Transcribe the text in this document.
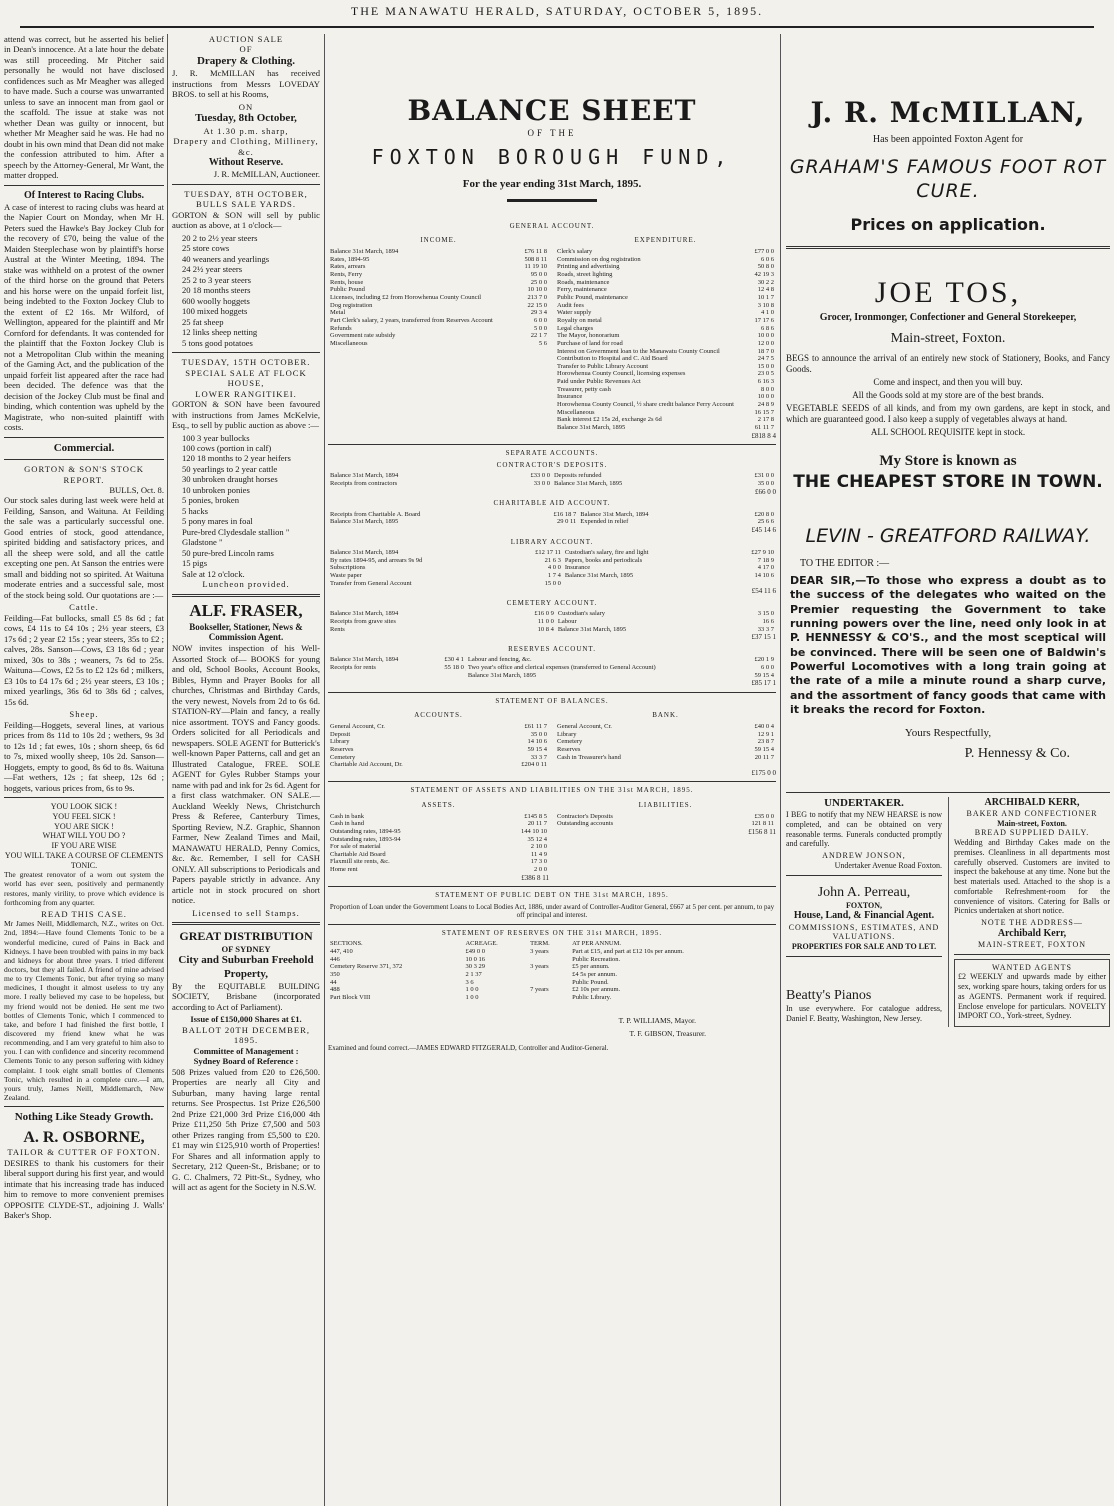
THE MANAWATU HERALD, SATURDAY, OCTOBER 5, 1895.

attend was correct, but he asserted his belief in Dean's innocence. At a late hour the debate was still proceeding. Mr Pitcher said personally he would not have disclosed confidences such as Mr Meagher was alleged to have made. Such a course was unwarranted unless to save an innocent man from gaol or the scaffold. The issue at stake was not whether Dean was guilty or innocent, but whether Mr Meagher said he was. He had no doubt in his own mind that Dean did not make the confession attributed to him. After a speech by the Attorney-General, Mr Want, the matter dropped.

Of Interest to Racing Clubs.

A case of interest to racing clubs was heard at the Napier Court on Monday, when Mr H. Peters sued the Hawke's Bay Jockey Club for the recovery of £70, being the value of the Maiden Steeplechase won by plaintiff's horse Austral at the Winter Meeting, 1894. The stake was withheld on a protest of the owner of the third horse on the ground that Peters and his horse were on the unpaid forfeit list, being indebted to the Foxton Jockey Club to the extent of £2 16s. Mr Wilford, of Wellington, appeared for the plaintiff and Mr Cornford for defendants. It was contended for the plaintiff that the Foxton Jockey Club is not a Metropolitan Club within the meaning of the Gaming Act, and the publication of the unpaid forfeit list appeared after the race had been decided. The defence was that the decision of the Jockey Club must be final and binding, which contention was upheld by the Magistrate, who non-suited plaintiff with costs.

Commercial.
GORTON & SON'S STOCK REPORT.
BULLS, Oct. 8.

Our stock sales during last week were held at Feilding, Sanson, and Waituna. At Feilding the sale was a particularly successful one. Good entries of stock, good attendance, spirited bidding and satisfactory prices, and all the sheep were sold, and all the cattle excepting one pen. At Sanson the entries were small and bidding not so spirited. At Waituna moderate entries and a successful sale, most of the stock being sold. Our quotations are :—

Cattle.

Feilding—Fat bullocks, small £5 8s 6d ; fat cows, £4 11s to £4 10s ; 2½ year steers, £3 17s 6d ; 2 year £2 15s ; year steers, 35s to £2 ; calves, 28s. Sanson—Cows, £3 18s 6d ; year mixed, 30s to 38s ; weaners, 7s 6d to 25s. Waituna—Cows, £2 5s to £2 12s 6d ; milkers, £3 10s to £4 17s 6d ; 2½ year steers, £3 10s ; mixed yearlings, 36s 6d to 38s 6d ; calves, 15s 6d.

Sheep.

Feilding—Hoggets, several lines, at various prices from 8s 11d to 10s 2d ; wethers, 9s 3d to 12s 1d ; fat ewes, 10s ; shorn sheep, 6s 6d to 7s, mixed woolly sheep, 10s 2d. Sanson—Hoggets, empty to good, 8s 6d to 8s. Waituna—Fat wethers, 12s ; fat sheep, 12s 6d ; hoggets, various prices from, 6s to 9s.

YOU LOOK SICK !
YOU FEEL SICK !
YOU ARE SICK !
WHAT WILL YOU DO ?
IF YOU ARE WISE
YOU WILL TAKE A COURSE OF CLEMENTS TONIC.

The greatest renovator of a worn out system the world has ever seen, positively and permanently restores, manly virility, to prove which evidence is forthcoming from any quarter.

READ THIS CASE.

Mr James Neill, Middlemarch, N.Z., writes on Oct. 2nd, 1894:—Have found Clements Tonic to be a wonderful medicine, cured of Pains in Back and Kidneys. I have been troubled with pains in my back and kidneys for about three years. I tried different doctors, but they all failed. A friend of mine advised me to try Clements Tonic, but after trying so many medicines, I thought it almost useless to try any more. I really believed my case to be hopeless, but my friend would not be denied. He sent me two bottles of Clements Tonic, which I commenced to take, and before I had finished the first bottle, I discovered my friend knew what he was recommending, and I am very grateful to him also to you. I can with confidence and sincerity recommend Clements Tonic to any person suffering with kidney complaint. I took eight small bottles of Clements Tonic, which resulted in a complete cure.—I am, yours truly, James Neill, Middlemarch, New Zealand.

Nothing Like Steady Growth.
A. R. OSBORNE,
TAILOR & CUTTER OF FOXTON.

DESIRES to thank his customers for their liberal support during his first year, and would intimate that his increasing trade has induced him to remove to more convenient premises OPPOSITE CLYDE-ST., adjoining J. Walls' Baker's Shop.

AUCTION SALE
OF
Drapery & Clothing.

J. R. McMILLAN has received instructions from Messrs LOVEDAY BROS. to sell at his Rooms,

ON
Tuesday, 8th October,
At 1.30 p.m. sharp,
Drapery and Clothing, Millinery, &c.
Without Reserve.
J. R. McMILLAN, Auctioneer.
TUESDAY, 8TH OCTOBER,
BULLS SALE YARDS.

GORTON & SON will sell by public auction as above, at 1 o'clock—

20 2 to 2½ year steers
25 store cows
40 weaners and yearlings
24 2½ year steers
25 2 to 3 year steers
20 18 months steers
600 woolly hoggets
100 mixed hoggets
25 fat sheep
12 links sheep netting
5 tons good potatoes
TUESDAY, 15TH OCTOBER.
SPECIAL SALE AT FLOCK HOUSE,
LOWER RANGITIKEI.

GORTON & SON have been favoured with instructions from James McKelvie, Esq., to sell by public auction as above :—

100 3 year bullocks
100 cows (portion in calf)
120 18 months to 2 year heifers
50 yearlings to 2 year cattle
30 unbroken draught horses
10 unbroken ponies
5 ponies, broken
5 hacks
5 pony mares in foal
Pure-bred Clydesdale stallion " Gladstone "
50 pure-bred Lincoln rams
15 pigs
Sale at 12 o'clock.
Luncheon provided.
ALF. FRASER,
Bookseller, Stationer, News & Commission Agent.

NOW invites inspection of his Well-Assorted Stock of— BOOKS for young and old, School Books, Account Books, Bibles, Hymn and Prayer Books for all churches, Christmas and Birthday Cards, the very newest, Novels from 2d to 6s 6d. STATION-RY—Plain and fancy, a really nice assortment. TOYS and Fancy goods. Orders solicited for all Periodicals and newspapers. SOLE AGENT for Butterick's well-known Paper Patterns, call and get an Illustrated Catalogue, FREE. SOLE AGENT for Gyles Rubber Stamps your name with pad and ink for 2s 6d. Agent for a first class watchmaker. ON SALE.—Auckland Weekly News, Christchurch Press & Referee, Canterbury Times, Sporting Review, N.Z. Graphic, Shannon Farmer, New Zealand Times and Mail, MANAWATU HERALD, Penny Comics, &c. &c. Remember, I sell for CASH ONLY. All subscriptions to Periodicals and Papers payable strictly in advance. Any article not in stock procured on short notice.

Licensed to sell Stamps.
GREAT DISTRIBUTION
OF SYDNEY
City and Suburban Freehold Property,

By the EQUITABLE BUILDING SOCIETY, Brisbane (incorporated according to Act of Parliament).

Issue of £150,000 Shares at £1.
BALLOT 20TH DECEMBER, 1895.
Committee of Management :
Sydney Board of Reference :

508 Prizes valued from £20 to £26,500. Properties are nearly all City and Suburban, many having large rental returns. See Prospectus. 1st Prize £26,500 2nd Prize £21,000 3rd Prize £16,000 4th Prize £11,250 5th Prize £7,500 and 503 other Prizes ranging from £5,500 to £20. £1 may win £125,910 worth of Properties! For Shares and all information apply to Secretary, 212 Queen-St., Brisbane; or to G. C. Chalmers, 72 Pitt-St., Sydney, who will act as agent for the Society in N.S.W.

BALANCE SHEET
OF THE
FOXTON BOROUGH FUND,
For the year ending 31st March, 1895.
GENERAL ACCOUNT.
INCOME.
Balance 31st March, 1894	£76 11 8
Rates, 1894-95	508 8 11
Rates, arrears	11 19 10
Rents, Ferry	95 0 0
Rents, house	25 0 0
Public Pound	10 10 0
Licenses, including £2 from Horowhenua County Council	213 7 0
Dog registration	22 15 0
Metal	29 3 4
Part Clerk's salary, 2 years, transferred from Reserves Account	6 0 0
Refunds	5 0 0
Government rate subsidy	22 1 7
Miscellaneous	5 6
EXPENDITURE.
Clerk's salary	£77 0 0
Commission on dog registration	6 0 6
Printing and advertising	50 8 0
Roads, street lighting	42 19 3
Roads, maintenance	30 2 2
Ferry, maintenance	12 4 8
Public Pound, maintenance	10 1 7
Audit fees	3 10 8
Water supply	4 1 0
Royalty on metal	17 17 6
Legal charges	6 8 6
The Mayor, honorarium	10 0 0
Purchase of land for road	12 0 0
Interest on Government loan to the Manawatu County Council	18 7 0
Contribution to Hospital and C. Aid Board	24 7 5
Transfer to Public Library Account	15 0 0
Horowhenua County Council, licensing expenses	23 0 5
Paid under Public Revenues Act	6 16 3
Treasurer, petty cash	8 0 0
Insurance	10 0 0
Horowhenua County Council, ½ share credit balance Ferry Account	24 8 9
Miscellaneous	16 15 7
Bank interest £2 15s 2d, exchange 2s 6d	2 17 8
Balance 31st March, 1895	61 11 7
£818 8 4
SEPARATE ACCOUNTS.
CONTRACTOR'S DEPOSITS.
Balance 31st March, 1894	£33 0 0	Deposits refunded	£31 0 0
Receipts from contractors	33 0 0	Balance 31st March, 1895	35 0 0
£66 0 0
CHARITABLE AID ACCOUNT.
Receipts from Charitable A. Board	£16 18 7	Balance 31st March, 1894	£20 8 0
Balance 31st March, 1895	29 0 11	Expended in relief	25 6 6
£45 14 6
LIBRARY ACCOUNT.
Balance 31st March, 1894	£12 17 11	Custodian's salary, fire and light	£27 9 10
By rates 1894-95, and arrears 9s 9d	21 6 3	Papers, books and periodicals	7 18 9
Subscriptions	4 0 0	Insurance	4 17 0
Waste paper	1 7 4	Balance 31st March, 1895	14 10 6
Transfer from General Account	15 0 0		
£54 11 6
CEMETERY ACCOUNT.
Balance 31st March, 1894	£16 0 9	Custodian's salary	3 15 0
Receipts from grave sites	11 0 0	Labour	16 6
Rents	10 8 4	Balance 31st March, 1895	33 3 7
£37 15 1
RESERVES ACCOUNT.
Balance 31st March, 1894	£30 4 1	Labour and fencing, &c.	£20 1 9
Receipts for rents	55 18 0	Two year's office and clerical expenses (transferred to General Account)	6 0 0
		Balance 31st March, 1895	59 15 4
£85 17 1
STATEMENT OF BALANCES.
ACCOUNTS.
General Account, Cr.	£61 11 7
Deposit	35 0 0
Library	14 10 6
Reserves	59 15 4
Cemetery	33 3 7
Charitable Aid Account, Dr.	£204 0 11
BANK.
General Account, Cr.	£40 0 4
Library	12 9 1
Cemetery	23 8 7
Reserves	59 15 4
Cash in Treasurer's hand	20 11 7
£175 0 0
STATEMENT OF ASSETS AND LIABILITIES ON THE 31st MARCH, 1895.
ASSETS.
Cash in bank	£145 8 5
Cash in hand	20 11 7
Outstanding rates, 1894-95	144 10 10
Outstanding rates, 1893-94	35 12 4
For sale of material	2 10 0
Charitable Aid Board	11 4 9
Flaxmill site rents, &c.	17 3 0
Home rent	2 0 0
£386 8 11
LIABILITIES.
Contractor's Deposits	£35 0 0
Outstanding accounts	121 8 11
£156 8 11
STATEMENT OF PUBLIC DEBT ON THE 31st MARCH, 1895.

Proportion of Loan under the Government Loans to Local Bodies Act, 1886, under award of Controller-Auditor General, £667 at 5 per cent. per annum, to pay off principal and interest.

STATEMENT OF RESERVES ON THE 31st MARCH, 1895.
SECTIONS.	ACREAGE.	TERM.	AT PER ANNUM.
447, 410	£49 0 0	3 years	Part at £15, and part at £12 10s per annum.
446	10 0 16		Public Recreation.
Cemetery Reserve 371, 372	30 3 29	3 years	£5 per annum.
350	2 1 37		£4 5s per annum.
44	3 6		Public Pound.
488	1 0 0	7 years	£2 10s per annum.
Part Block VIII	1 0 0		Public Library.
T. P. WILLIAMS, Mayor.
T. F. GIBSON, Treasurer.
Examined and found correct.—JAMES EDWARD FITZGERALD, Controller and Auditor-General.
J. R. McMILLAN,
Has been appointed Foxton Agent for
GRAHAM'S FAMOUS FOOT ROT CURE.
Prices on application.
JOE TOS,
Grocer, Ironmonger, Confectioner and General Storekeeper,
Main-street, Foxton.

BEGS to announce the arrival of an entirely new stock of Stationery, Books, and Fancy Goods.

Come and inspect, and then you will buy.

All the Goods sold at my store are of the best brands.

VEGETABLE SEEDS of all kinds, and from my own gardens, are kept in stock, and which are guaranteed good. I also keep a supply of vegetables always at hand.

ALL SCHOOL REQUISITE kept in stock.

My Store is known as
THE CHEAPEST STORE IN TOWN.
LEVIN - GREATFORD RAILWAY.
TO THE EDITOR :—
DEAR SIR,—To those who express a doubt as to the success of the delegates who waited on the Premier requesting the Government to take running powers over the line, need only look in at P. HENNESSY & CO'S., and the most sceptical will be convinced. There will be seen one of Baldwin's Powerful Locomotives with a long train going at the rate of a mile a minute round a sharp curve, and the assortment of fancy goods that came with it breaks the record for Foxton.
Yours Respectfully,
P. Hennessy & Co.
UNDERTAKER.

I BEG to notify that my NEW HEARSE is now completed, and can be obtained on very reasonable terms. Funerals conducted promptly and carefully.

ANDREW JONSON,
Undertaker Avenue Road Foxton.
John A. Perreau,
FOXTON,
House, Land, & Financial Agent.
COMMISSIONS, ESTIMATES, AND VALUATIONS.
PROPERTIES FOR SALE AND TO LET.
Beatty's Pianos

In use everywhere. For catalogue address, Daniel F. Beatty, Washington, New Jersey.

ARCHIBALD KERR,
BAKER AND CONFECTIONER
Main-street, Foxton.
BREAD SUPPLIED DAILY.

Wedding and Birthday Cakes made on the premises. Cleanliness in all departments most carefully observed. Customers are invited to inspect the bakehouse at any time. None but the best materials used. Attached to the shop is a comfortable Refreshment-room for the convenience of visitors. Catering for Balls or Picnics undertaken at short notice.

NOTE THE ADDRESS—
Archibald Kerr,
MAIN-STREET, FOXTON
WANTED AGENTS

£2 WEEKLY and upwards made by either sex, working spare hours, taking orders for us as AGENTS. Permanent work if required. Enclose envelope for particulars. NOVELTY IMPORT CO., York-street, Sydney.
